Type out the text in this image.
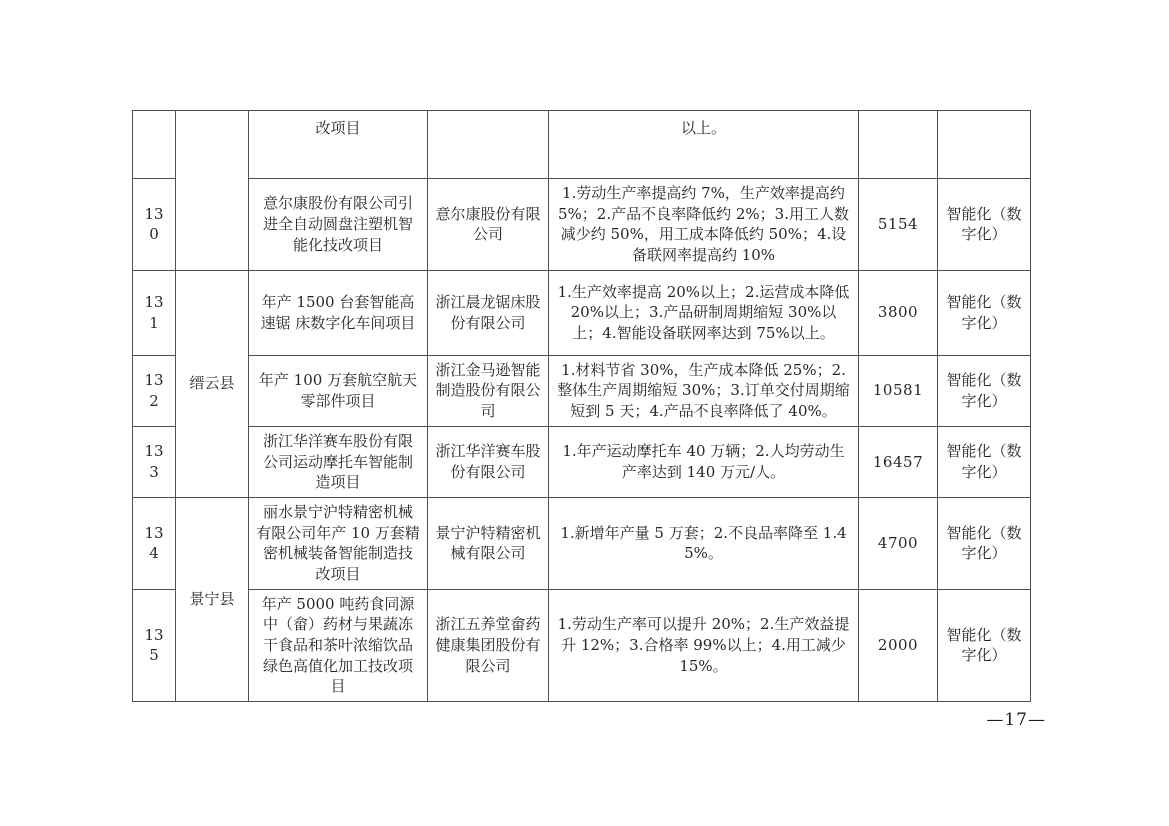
		改项目		以上。		
130		意尔康股份有限公司引进全自动圆盘注塑机智能化技改项目	意尔康股份有限公司	1.劳动生产率提高约 7%，生产效率提高约 5%；2.产品不良率降低约 2%；3.用工人数减少约 50%，用工成本降低约 50%；4.设备联网率提高约 10%	5154	智能化（数字化）
131	缙云县	年产 1500 台套智能高速锯 床数字化车间项目	浙江晨龙锯床股份有限公司	1.生产效率提高 20%以上；2.运营成本降低 20%以上；3.产品研制周期缩短 30%以上；4.智能设备联网率达到 75%以上。	3800	智能化（数字化）
132		年产 100 万套航空航天零部件项目	浙江金马逊智能制造股份有限公司	1.材料节省 30%，生产成本降低 25%；2.整体生产周期缩短 30%；3.订单交付周期缩短到 5 天；4.产品不良率降低了 40%。	10581	智能化（数字化）
133		浙江华洋赛车股份有限公司运动摩托车智能制造项目	浙江华洋赛车股份有限公司	1.年产运动摩托车 40 万辆；2.人均劳动生产率达到 140 万元/人。	16457	智能化（数字化）
134	景宁县	丽水景宁沪特精密机械有限公司年产 10 万套精密机械装备智能制造技改项目	景宁沪特精密机械有限公司	1.新增年产量 5 万套；2.不良品率降至 1.45%。	4700	智能化（数字化）
135		年产 5000 吨药食同源中（畲）药材与果蔬冻干食品和茶叶浓缩饮品绿色高值化加工技改项目	浙江五养堂畲药健康集团股份有限公司	1.劳动生产率可以提升 20%；2.生产效益提升 12%；3.合格率 99%以上；4.用工减少 15%。	2000	智能化（数字化）
—17—
